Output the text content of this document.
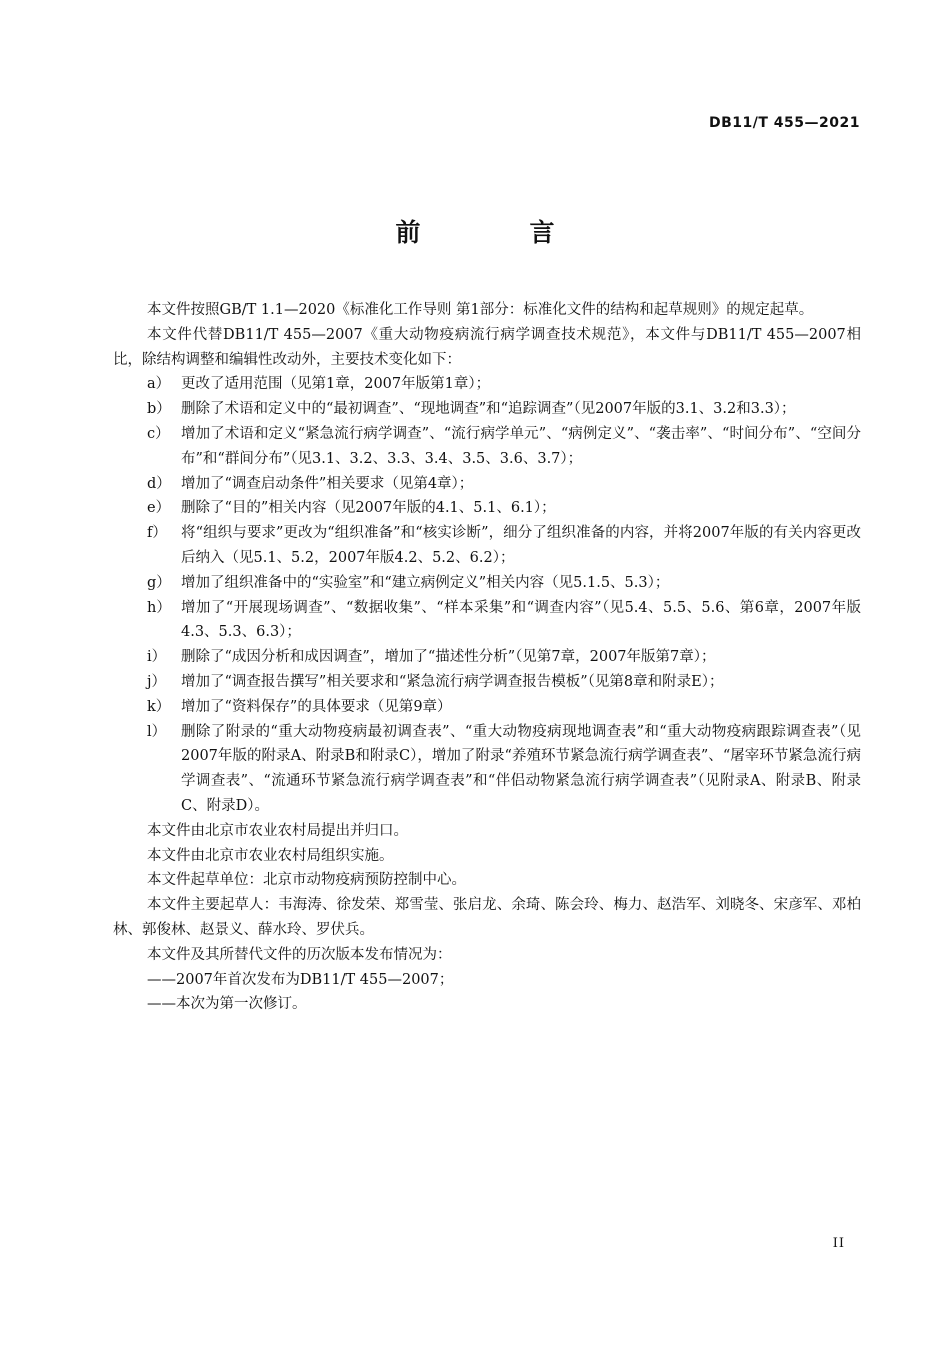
DB11/T 455—2021
前　言

本文件按照GB/T 1.1—2020《标准化工作导则 第1部分：标准化文件的结构和起草规则》的规定起草。

本文件代替DB11/T 455—2007《重大动物疫病流行病学调查技术规范》，本文件与DB11/T 455—2007相比，除结构调整和编辑性改动外，主要技术变化如下：

a） 更改了适用范围（见第1章，2007年版第1章）；
b） 删除了术语和定义中的“最初调查”、“现地调查”和“追踪调查”（见2007年版的3.1、3.2和3.3）；
c） 增加了术语和定义“紧急流行病学调查”、“流行病学单元”、“病例定义”、“袭击率”、“时间分布”、“空间分布”和“群间分布”（见3.1、3.2、3.3、3.4、3.5、3.6、3.7）；
d） 增加了“调查启动条件”相关要求（见第4章）；
e） 删除了“目的”相关内容（见2007年版的4.1、5.1、6.1）；
f） 将“组织与要求”更改为“组织准备”和“核实诊断”，细分了组织准备的内容，并将2007年版的有关内容更改后纳入（见5.1、5.2，2007年版4.2、5.2、6.2）；
g） 增加了组织准备中的“实验室”和“建立病例定义”相关内容（见5.1.5、5.3）；
h） 增加了“开展现场调查”、“数据收集”、“样本采集”和“调查内容”（见5.4、5.5、5.6、第6章，2007年版4.3、5.3、6.3）；
i）	删除了“成因分析和成因调查”，增加了“描述性分析”（见第7章，2007年版第7章）；
j）	增加了“调查报告撰写”相关要求和“紧急流行病学调查报告模板”（见第8章和附录E）；
k） 增加了“资料保存”的具体要求（见第9章）
l）	删除了附录的“重大动物疫病最初调查表”、“重大动物疫病现地调查表”和“重大动物疫病跟踪调查表”（见2007年版的附录A、附录B和附录C），增加了附录“养殖环节紧急流行病学调查表”、“屠宰环节紧急流行病学调查表”、“流通环节紧急流行病学调查表”和“伴侣动物紧急流行病学调查表”（见附录A、附录B、附录C、附录D）。

本文件由北京市农业农村局提出并归口。

本文件由北京市农业农村局组织实施。

本文件起草单位：北京市动物疫病预防控制中心。

本文件主要起草人：韦海涛、徐发荣、郑雪莹、张启龙、余琦、陈会玲、梅力、赵浩军、刘晓冬、宋彦军、邓柏林、郭俊林、赵景义、薛水玲、罗伏兵。

本文件及其所替代文件的历次版本发布情况为：

——2007年首次发布为DB11/T 455—2007；

——本次为第一次修订。

II
